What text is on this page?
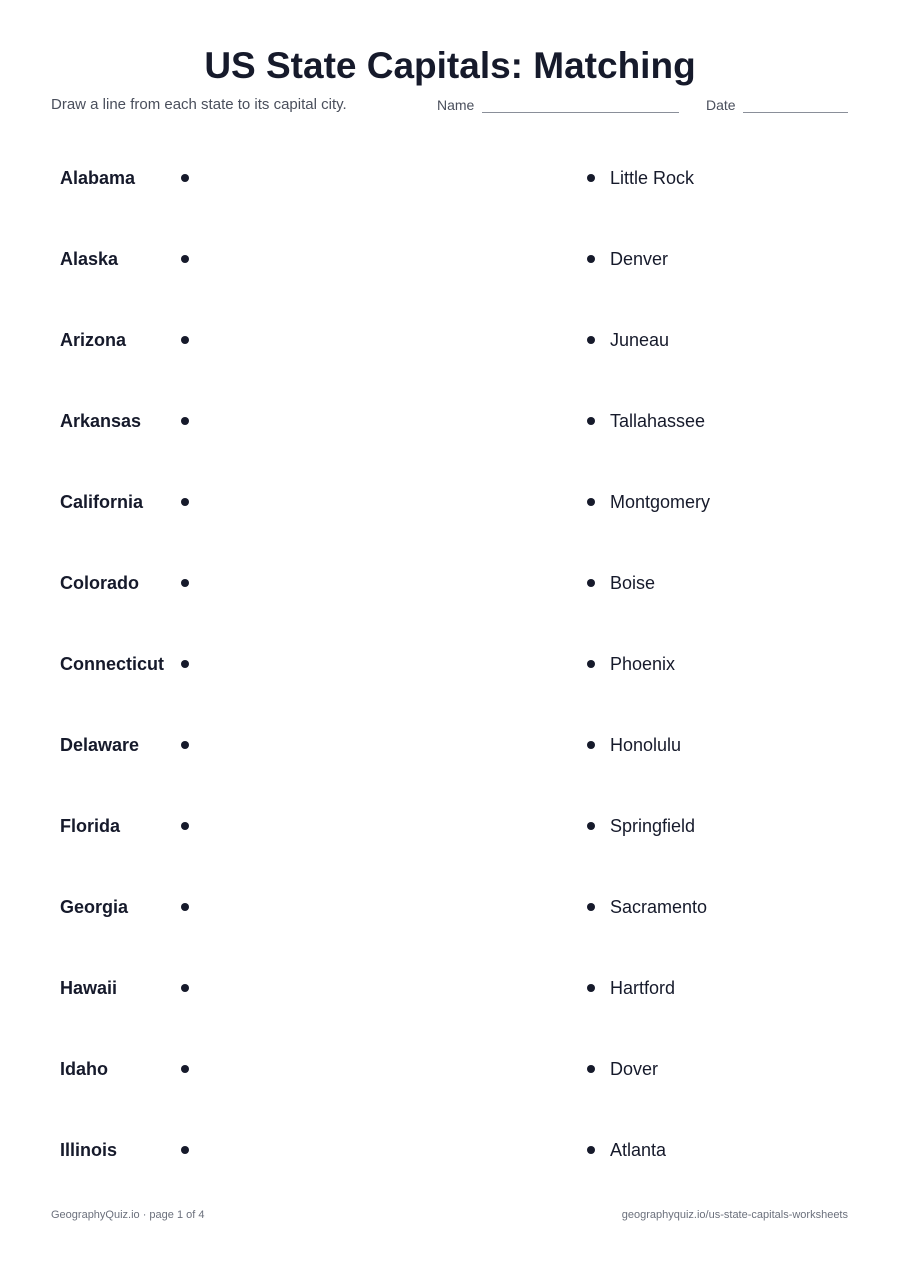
US State Capitals: Matching
Draw a line from each state to its capital city.	Name	Date
Alabama	Little Rock
Alaska	Denver
Arizona	Juneau
Arkansas	Tallahassee
California	Montgomery
Colorado	Boise
Connecticut	Phoenix
Delaware	Honolulu
Florida	Springfield
Georgia	Sacramento
Hawaii	Hartford
Idaho	Dover
Illinois	Atlanta
GeographyQuiz.io · page 1 of 4	geographyquiz.io/us-state-capitals-worksheets
